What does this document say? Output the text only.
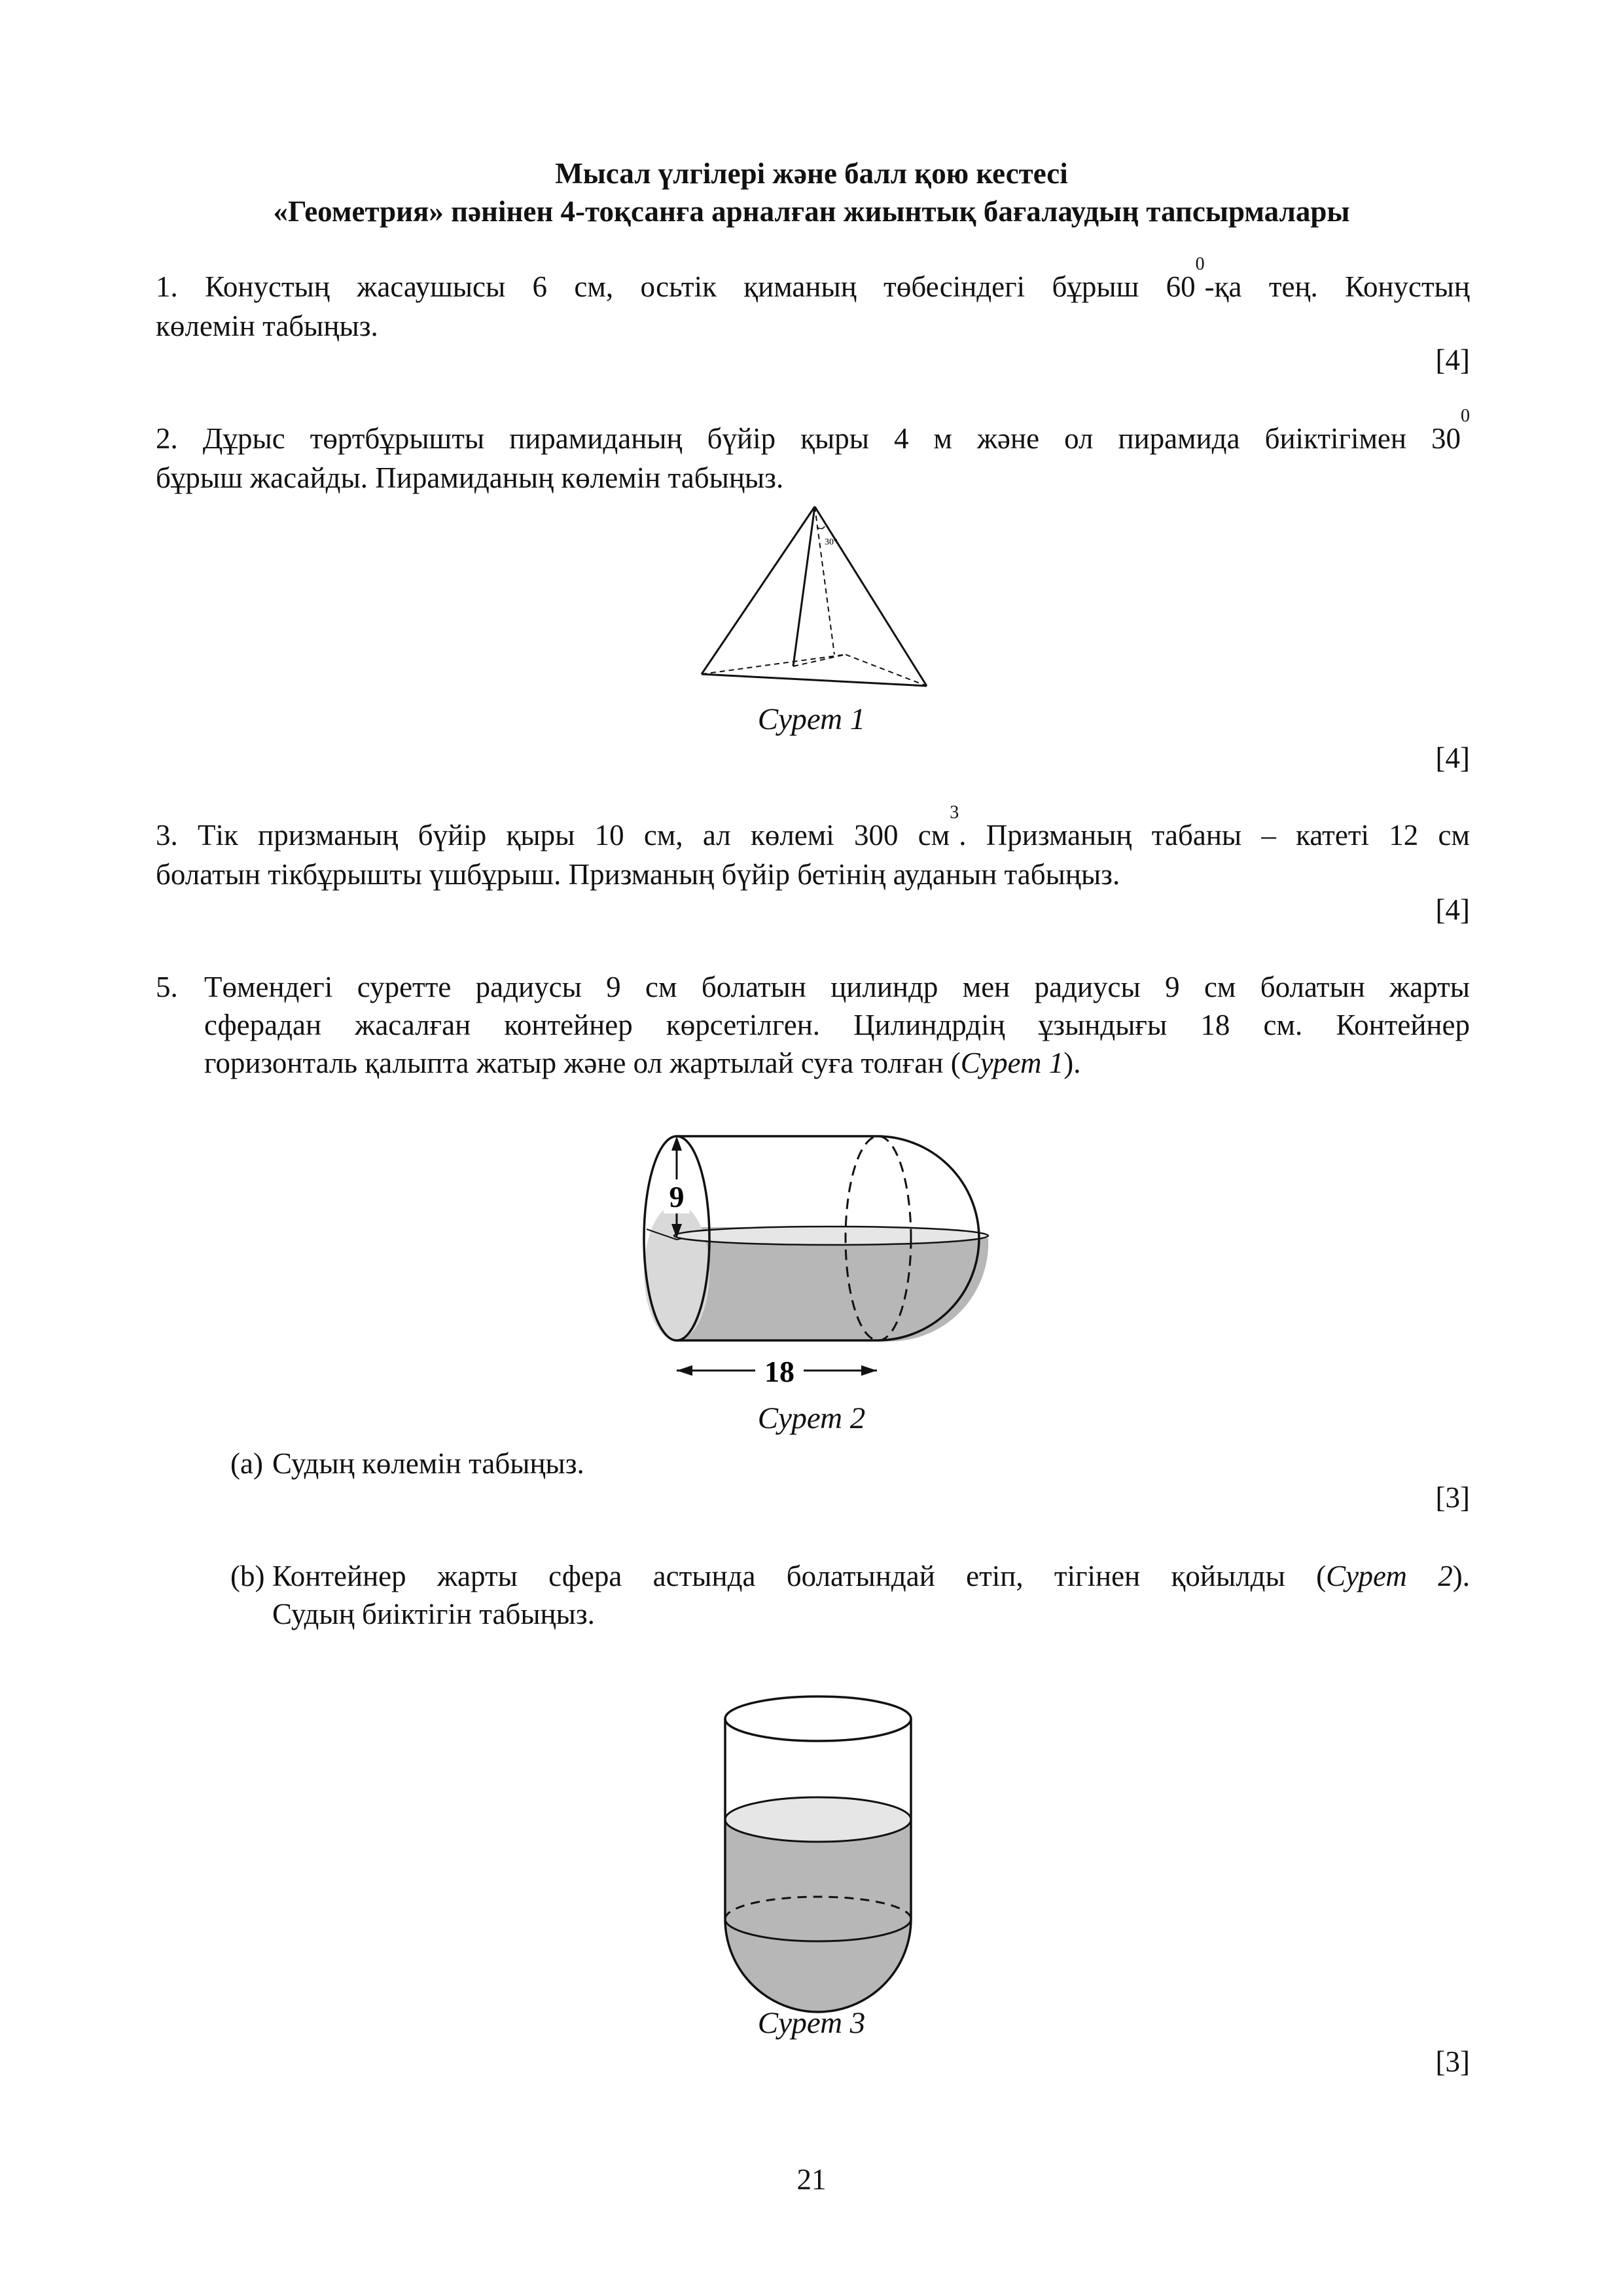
Мысал үлгілері және балл қою кестесі
«Геометрия» пәнінен 4-тоқсанға арналған жиынтық бағалаудың тапсырмалары
1. Конустың жасаушысы 6 см, осьтік қиманың төбесіндегі бұрыш $60^0-қа$ тең. Конустың
көлемін табыңыз.
[4]
2. Дұрыс төртбұрышты пирамиданың бүйір қыры 4 м және ол пирамида биіктігімен $30^0$
бұрыш жасайды. Пирамиданың көлемін табыңыз.
30°
Сурет 1
[4]
3. Тік призманың бүйір қыры 10 см, ал көлемі 300 $см^3$. Призманың табаны – катеті 12 см
болатын тікбұрышты үшбұрыш. Призманың бүйір бетінің ауданын табыңыз.
[4]
5. Төмендегі суретте радиусы 9 см болатын цилиндр мен радиусы 9 см болатын жарты
сферадан жасалған контейнер көрсетілген. Цилиндрдің ұзындығы 18 см. Контейнер
горизонталь қалыпта жатыр және ол жартылай суға толған (Сурет 1).
9
18
Сурет 2
(a) Судың көлемін табыңыз.
[3]
(b) Контейнер жарты сфера астында болатындай етіп, тігінен қойылды (Сурет 2).
Судың биіктігін табыңыз.
Сурет 3
[3]
21
